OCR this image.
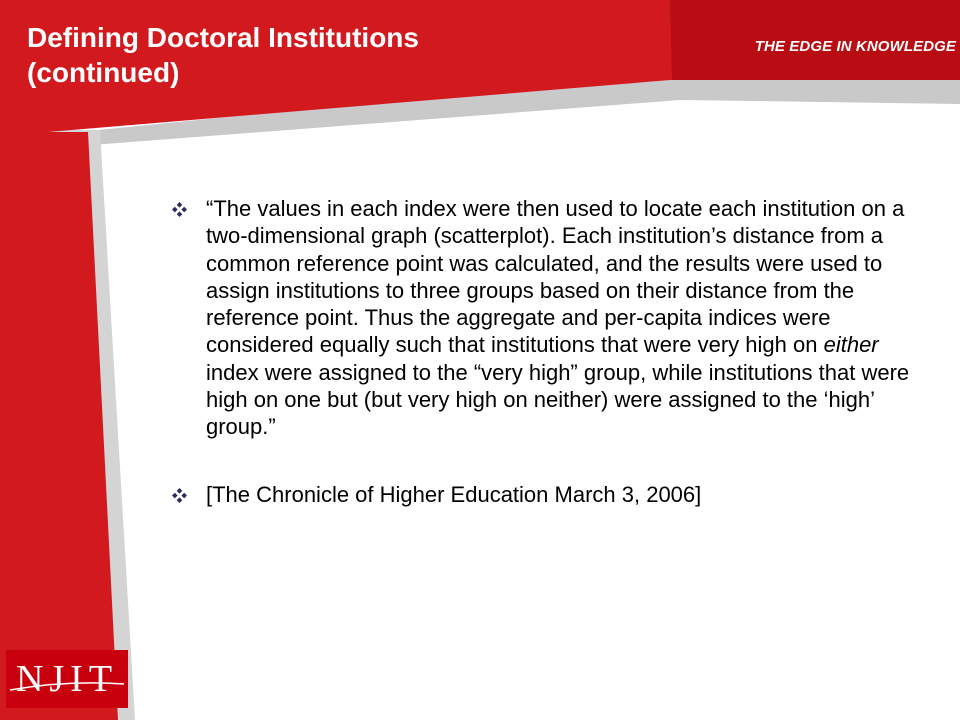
Defining Doctoral Institutions
(continued)
THE EDGE IN KNOWLEDGE
“The values in each index were then used to locate each institution on a two-dimensional graph (scatterplot). Each institution’s distance from a common reference point was calculated, and the results were used to assign institutions to three groups based on their distance from the reference point. Thus the aggregate and per-capita indices were considered equally such that institutions that were very high on either index were assigned to the “very high” group, while institutions that were high on one but (but very high on neither) were assigned to the ‘high’ group.”
[The Chronicle of Higher Education March 3, 2006]
NJIT
